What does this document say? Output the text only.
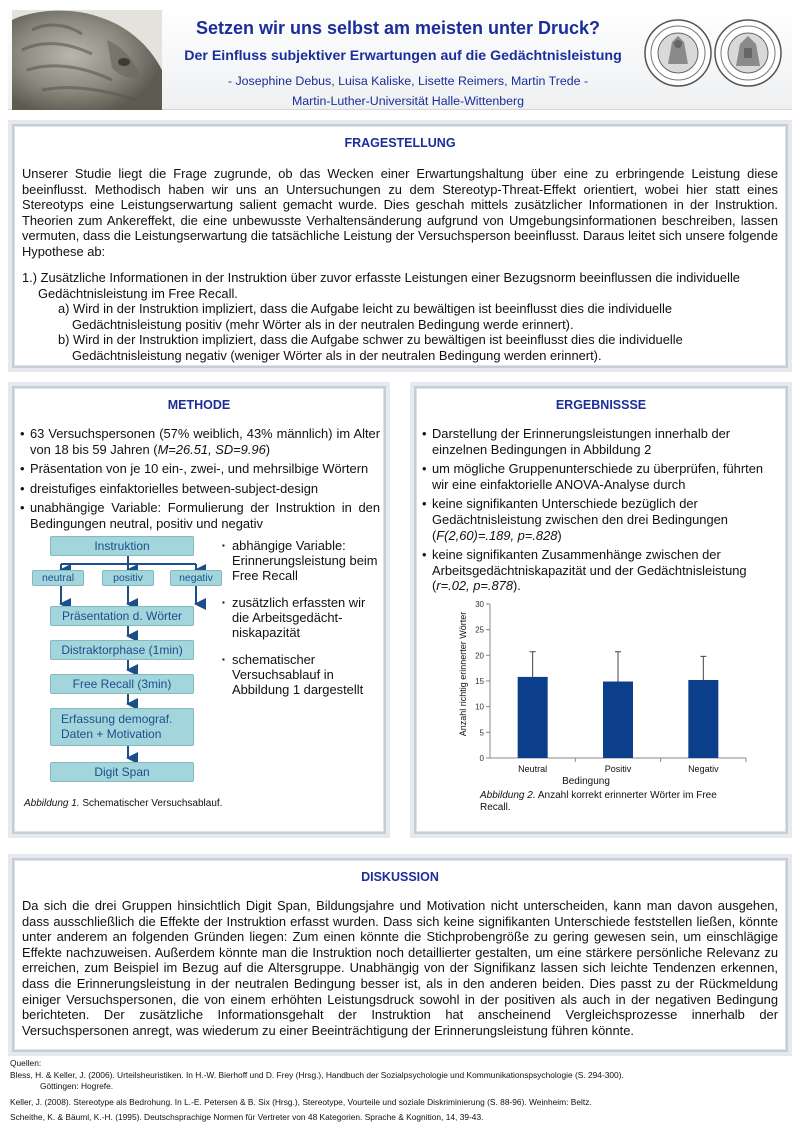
Setzen wir uns selbst am meisten unter Druck?
Der Einfluss subjektiver Erwartungen auf die Gedächtnisleistung
- Josephine Debus, Luisa Kaliske, Lisette Reimers, Martin Trede -
Martin-Luther-Universität Halle-Wittenberg
FRAGESTELLUNG
Unserer Studie liegt die Frage zugrunde, ob das Wecken einer Erwartungshaltung über eine zu erbringende Leistung diese beeinflusst. Methodisch haben wir uns an Untersuchungen zu dem Stereotyp-Threat-Effekt orientiert, wobei hier statt eines Stereotyps eine Leistungserwartung salient gemacht wurde. Dies geschah mittels zusätzlicher Informationen in der Instruktion. Theorien zum Ankereffekt, die eine unbewusste Verhaltensänderung aufgrund von Umgebungsinformationen beschreiben, lassen vermuten, dass die Leistungserwartung die tatsächliche Leistung der Versuchsperson beeinflusst. Daraus leitet sich unsere folgende Hypothese ab:
1.) Zusätzliche Informationen in der Instruktion über zuvor erfasste Leistungen einer Bezugsnorm beeinflussen die individuelle
Gedächtnisleistung im Free Recall.
a) Wird in der Instruktion impliziert, dass die Aufgabe leicht zu bewältigen ist beeinflusst dies die individuelle
Gedächtnisleistung positiv (mehr Wörter als in der neutralen Bedingung werde erinnert).
b) Wird in der Instruktion impliziert, dass die Aufgabe schwer zu bewältigen ist beeinflusst dies die individuelle
Gedächtnisleistung negativ (weniger Wörter als in der neutralen Bedingung werden erinnert).
METHODE
• 63 Versuchspersonen (57% weiblich, 43% männlich) im Alter von 18 bis 59 Jahren (M=26.51, SD=9.96)
• Präsentation von je 10 ein-, zwei-, und mehrsilbige Wörtern
• dreistufiges einfaktorielles between-subject-design
• unabhängige Variable: Formulierung der Instruktion in den Bedingungen neutral, positiv und negativ
Instruktion
neutral	positiv	negativ
Präsentation d. Wörter
Distraktorphase (1min)
Free Recall (3min)
Erfassung demograf.
Daten + Motivation
Digit Span
▪ abhängige Variable: Erinnerungsleistung beim Free Recall
▪ zusätzlich erfassten wir die Arbeitsgedächt-niskapazität
▪ schematischer Versuchsablauf in Abbildung 1 dargestellt
Abbildung 1. Schematischer Versuchsablauf.
ERGEBNISSSE
• Darstellung der Erinnerungsleistungen innerhalb der einzelnen Bedingungen in Abbildung 2
• um mögliche Gruppenunterschiede zu überprüfen, führten wir eine einfaktorielle ANOVA-Analyse durch
• keine signifikanten Unterschiede bezüglich der Gedächtnisleistung zwischen den drei Bedingungen (F(2,60)=.189, p=.828)
• keine signifikanten Zusammenhänge zwischen der Arbeitsgedächtniskapazität und der Gedächtnisleistung (r=.02, p=.878).
Anzahl richtig erinnerter Wörter
Bedingung
0
5
10
15
20
25
30
Neutral	Positiv	Negativ
Abbildung 2. Anzahl korrekt erinnerter Wörter im Free Recall.
DISKUSSION
Da sich die drei Gruppen hinsichtlich Digit Span, Bildungsjahre und Motivation nicht unterscheiden, kann man davon ausgehen, dass ausschließlich die Effekte der Instruktion erfasst wurden. Dass sich keine signifikanten Unterschiede feststellen ließen, könnte unter anderem an folgenden Gründen liegen: Zum einen könnte die Stichprobengröße zu gering gewesen sein, um einschlägige Effekte nachzuweisen. Außerdem könnte man die Instruktion noch detaillierter gestalten, um eine stärkere persönliche Relevanz zu erreichen, zum Beispiel im Bezug auf die Altersgruppe. Unabhängig von der Signifikanz lassen sich leichte Tendenzen erkennen, dass die Erinnerungsleistung in der neutralen Bedingung besser ist, als in den anderen beiden. Dies passt zu der Rückmeldung einiger Versuchspersonen, die von einem erhöhten Leistungsdruck sowohl in der positiven als auch in der negativen Bedingung berichteten. Der zusätzliche Informationsgehalt der Instruktion hat anscheinend Vergleichsprozesse innerhalb der Versuchspersonen anregt, was wiederum zu einer Beeinträchtigung der Erinnerungsleistung führen könnte.
Quellen:
Bless, H. & Keller, J. (2006). Urteilsheuristiken. In H.-W. Bierhoff und D. Frey (Hrsg.), Handbuch der Sozialpsychologie und Kommunikationspsychologie (S. 294-300).
Göttingen: Hogrefe.
Keller, J. (2008). Stereotype als Bedrohung. In L.-E. Petersen & B. Six (Hrsg.), Stereotype, Vourteile und soziale Diskriminierung (S. 88-96). Weinheim: Beltz.
Scheithe, K. & Bäuml, K.-H. (1995). Deutschsprachige Normen für Vertreter von 48 Kategorien. Sprache & Kognition, 14, 39-43.
